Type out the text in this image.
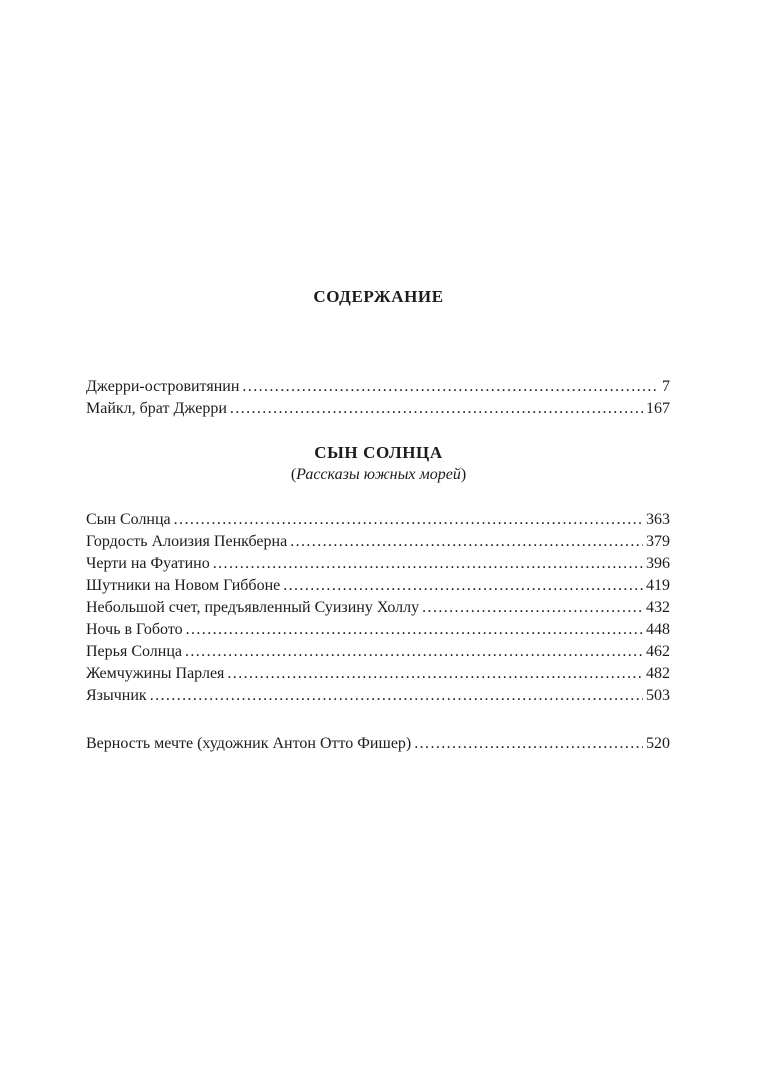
СОДЕРЖАНИЕ
Джерри-островитянин . . .	7
Майкл, брат Джерри . . .	167
СЫН СОЛНЦА
(Рассказы южных морей)
Сын Солнца . . .	363
Гордость Алоизия Пенкберна . . .	379
Черти на Фуатино . . .	396
Шутники на Новом Гиббоне . . .	419
Небольшой счет, предъявленный Суизину Холлу . . .	432
Ночь в Гобото . . .	448
Перья Солнца . . .	462
Жемчужины Парлея . . .	482
Язычник . . .	503
Верность мечте (художник Антон Отто Фишер) . . .	520
